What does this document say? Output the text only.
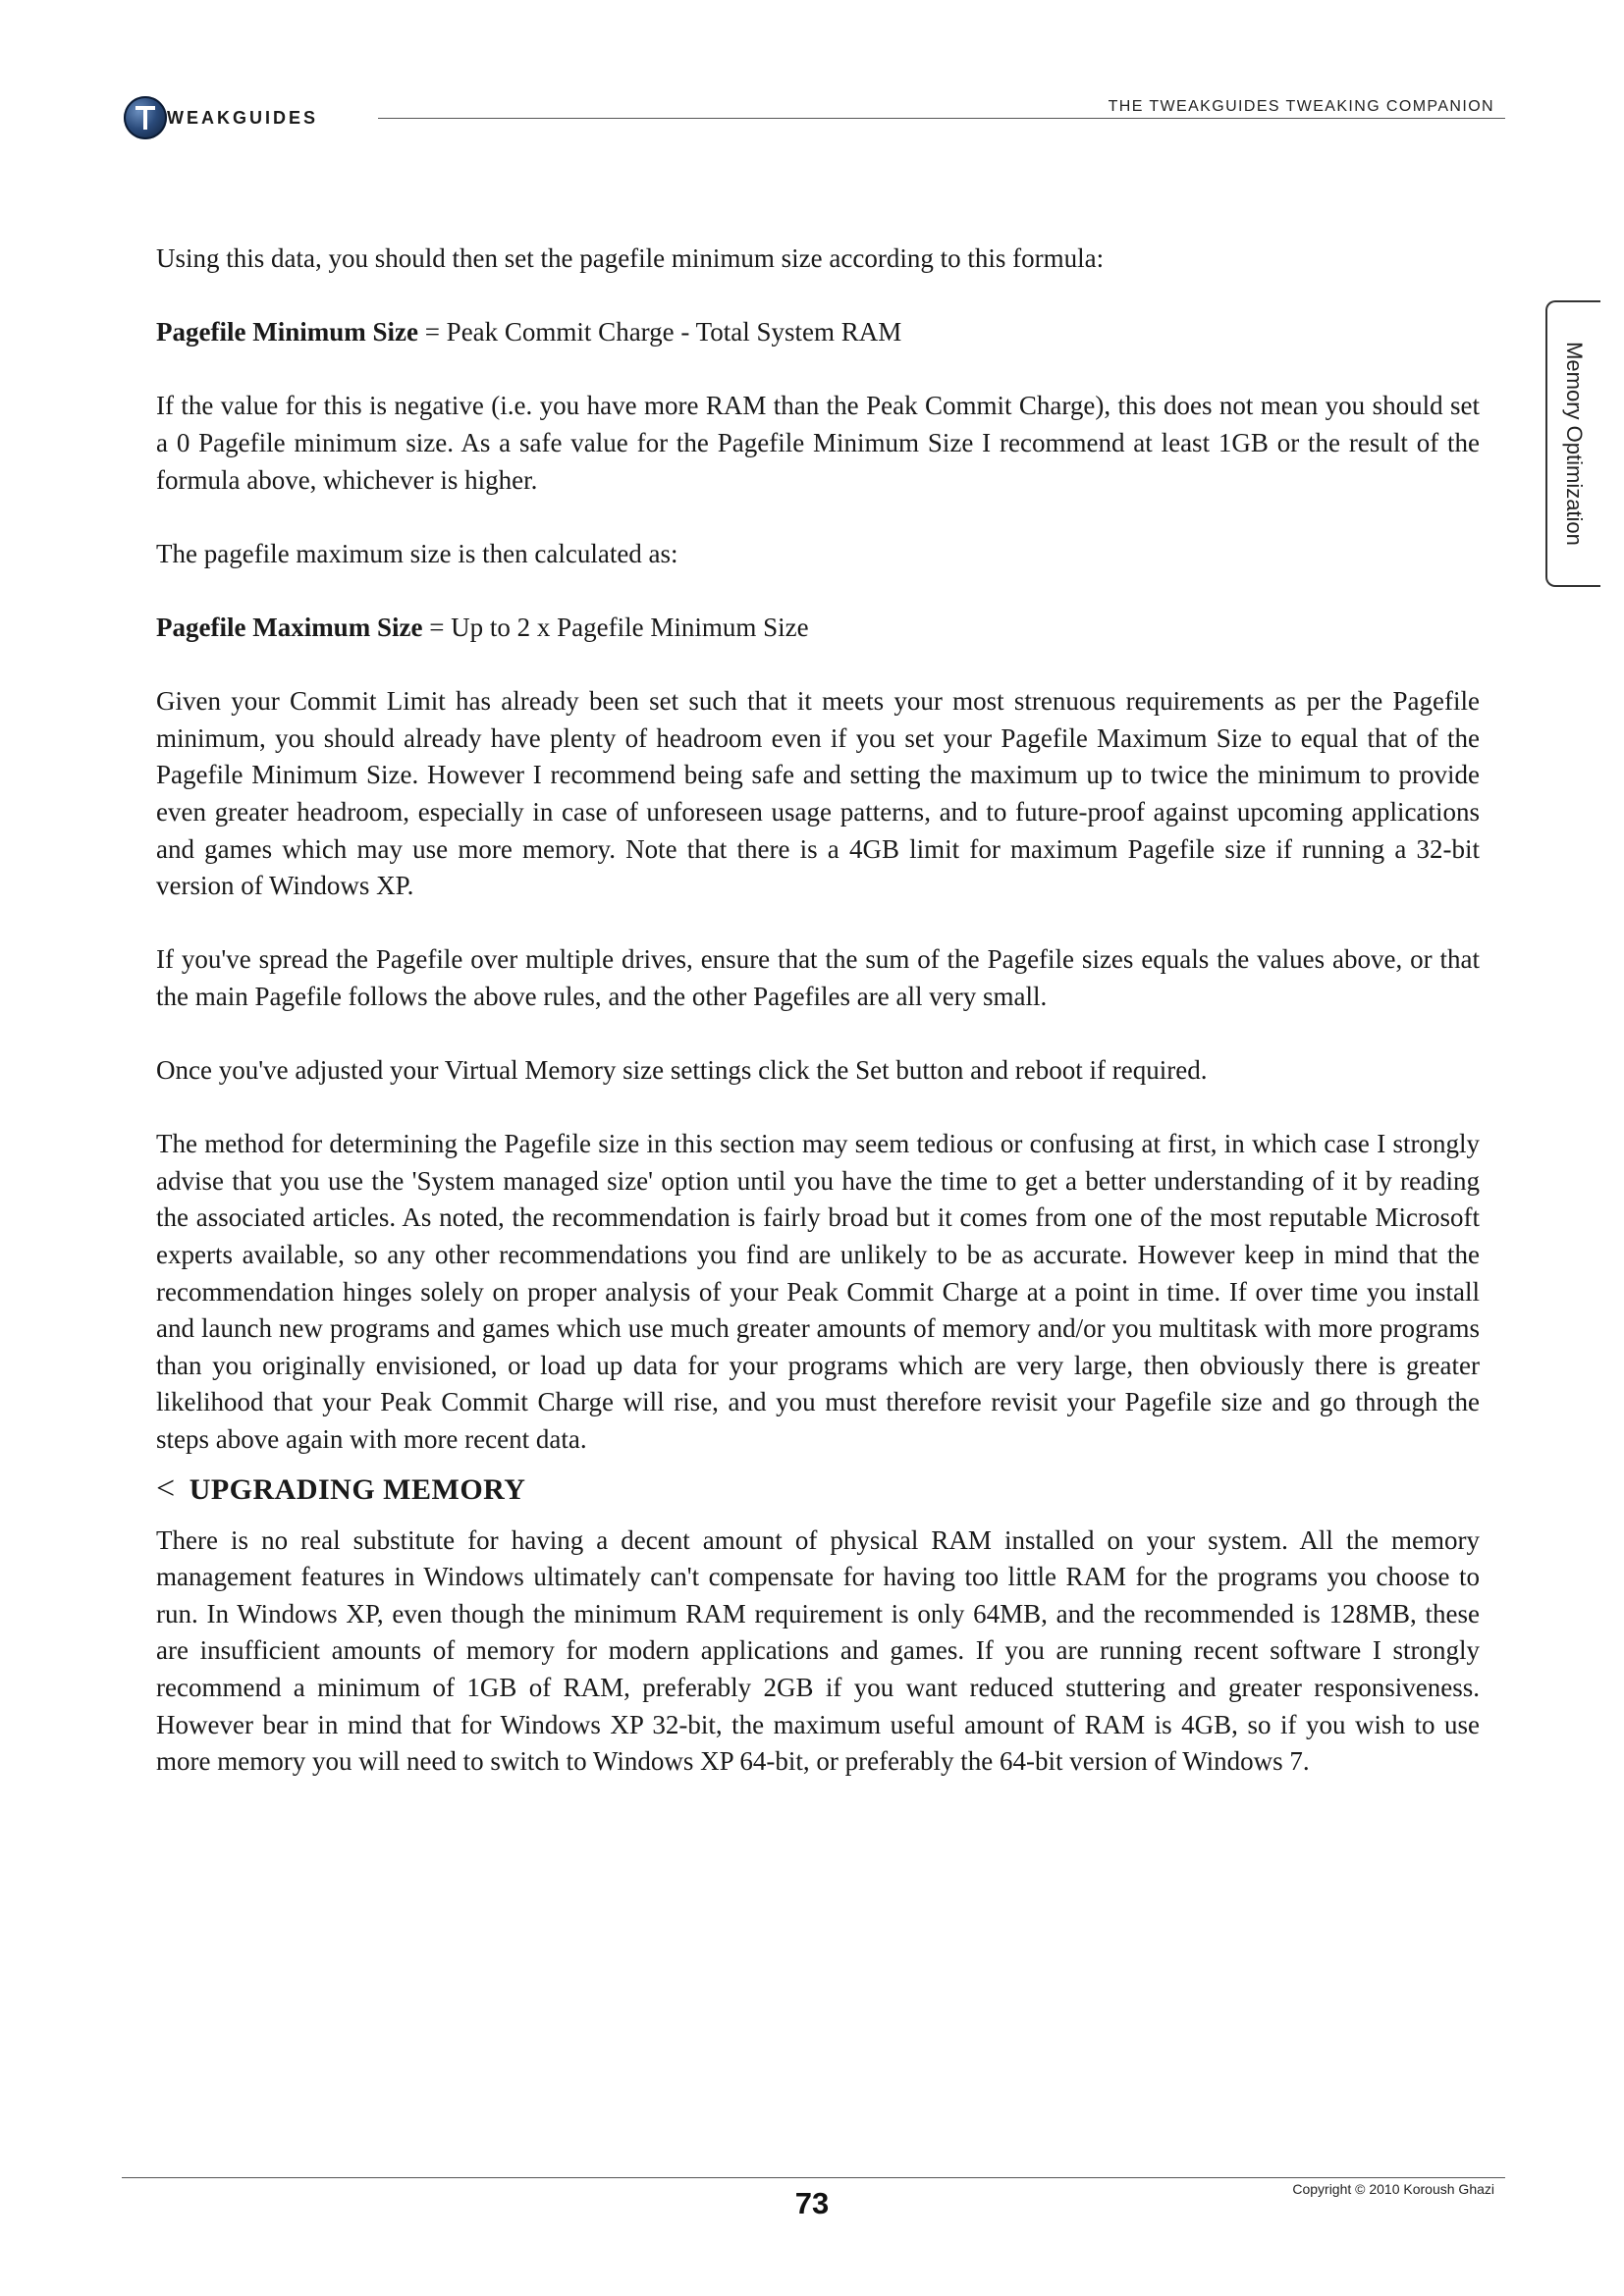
WEAKGUIDES
THE TWEAKGUIDES TWEAKING COMPANION
Memory Optimization

Using this data, you should then set the pagefile minimum size according to this formula:

Pagefile Minimum Size = Peak Commit Charge - Total System RAM

If the value for this is negative (i.e. you have more RAM than the Peak Commit Charge), this does not mean you should set a 0 Pagefile minimum size. As a safe value for the Pagefile Minimum Size I recommend at least 1GB or the result of the formula above, whichever is higher.

The pagefile maximum size is then calculated as:

Pagefile Maximum Size = Up to 2 x Pagefile Minimum Size

Given your Commit Limit has already been set such that it meets your most strenuous requirements as per the Pagefile minimum, you should already have plenty of headroom even if you set your Pagefile Maximum Size to equal that of the Pagefile Minimum Size. However I recommend being safe and setting the maximum up to twice the minimum to provide even greater headroom, especially in case of unforeseen usage patterns, and to future-proof against upcoming applications and games which may use more memory. Note that there is a 4GB limit for maximum Pagefile size if running a 32-bit version of Windows XP.

If you've spread the Pagefile over multiple drives, ensure that the sum of the Pagefile sizes equals the values above, or that the main Pagefile follows the above rules, and the other Pagefiles are all very small.

Once you've adjusted your Virtual Memory size settings click the Set button and reboot if required.

The method for determining the Pagefile size in this section may seem tedious or confusing at first, in which case I strongly advise that you use the 'System managed size' option until you have the time to get a better understanding of it by reading the associated articles. As noted, the recommendation is fairly broad but it comes from one of the most reputable Microsoft experts available, so any other recommendations you find are unlikely to be as accurate. However keep in mind that the recommendation hinges solely on proper analysis of your Peak Commit Charge at a point in time. If over time you install and launch new programs and games which use much greater amounts of memory and/or you multitask with more programs than you originally envisioned, or load up data for your programs which are very large, then obviously there is greater likelihood that your Peak Commit Charge will rise, and you must therefore revisit your Pagefile size and go through the steps above again with more recent data.

< UPGRADING MEMORY

There is no real substitute for having a decent amount of physical RAM installed on your system. All the memory management features in Windows ultimately can't compensate for having too little RAM for the programs you choose to run. In Windows XP, even though the minimum RAM requirement is only 64MB, and the recommended is 128MB, these are insufficient amounts of memory for modern applications and games. If you are running recent software I strongly recommend a minimum of 1GB of RAM, preferably 2GB if you want reduced stuttering and greater responsiveness. However bear in mind that for Windows XP 32-bit, the maximum useful amount of RAM is 4GB, so if you wish to use more memory you will need to switch to Windows XP 64-bit, or preferably the 64-bit version of Windows 7.

73	Copyright © 2010 Koroush Ghazi
